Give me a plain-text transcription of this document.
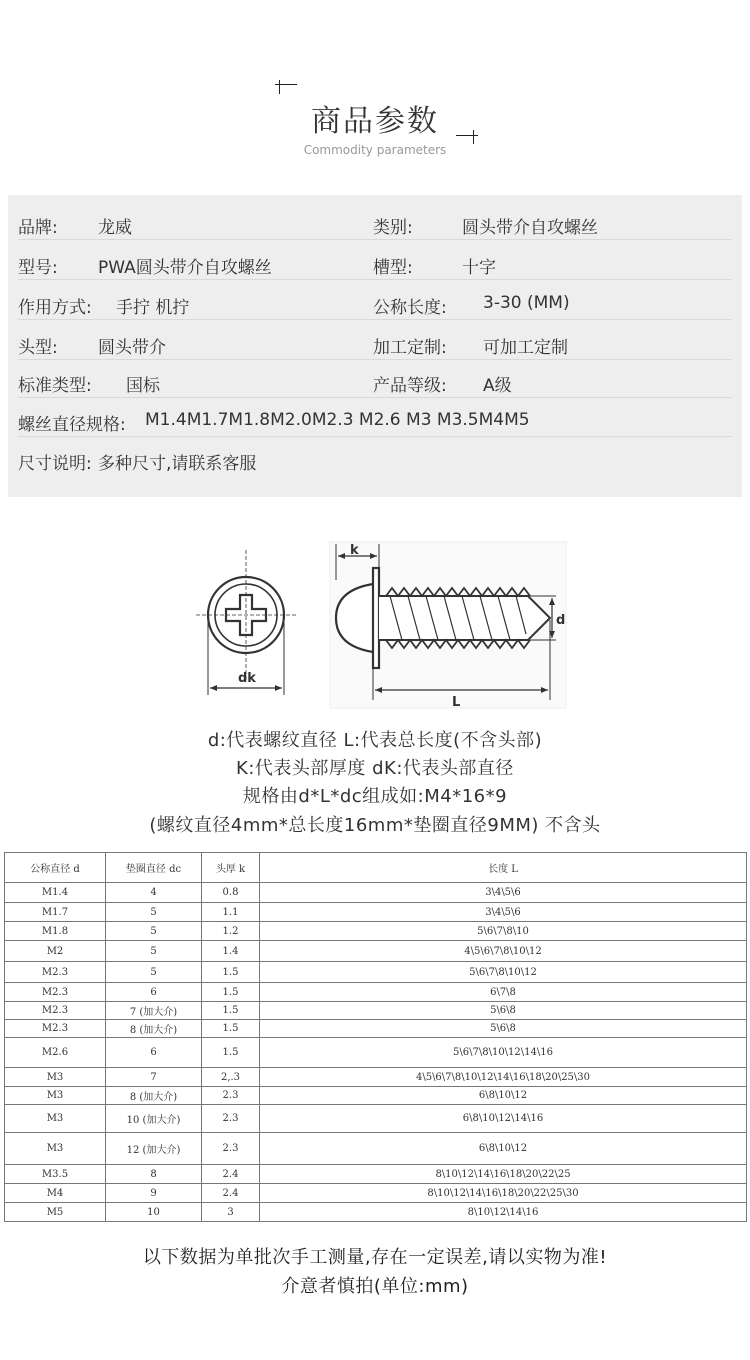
商品参数
Commodity parameters
品牌: 龙威	类别:	圆头带介自攻螺丝
型号: PWA圆头带介自攻螺丝	槽型:	十字
作用方式: 手拧 机拧	公称长度: 3-30 (MM)
头型: 圆头带介	加工定制: 可加工定制
标准类型: 国标	产品等级: A级
螺丝直径规格: M1.4M1.7M1.8M2.0M2.3 M2.6 M3 M3.5M4M5
尺寸说明: 多种尺寸,请联系客服
dk
k
d
L
d:代表螺纹直径 L:代表总长度(不含头部)
K:代表头部厚度 dK:代表头部直径
规格由d*L*dc组成如:M4*16*9
(螺纹直径4mm*总长度16mm*垫圈直径9MM) 不含头
公称直径 d	垫圈直径 dc	头厚 k	长度 L
M1.4	4	0.8	3\4\5\6
M1.7	5	1.1	3\4\5\6
M1.8	5	1.2	5\6\7\8\10
M2	5	1.4	4\5\6\7\8\10\12
M2.3	5	1.5	5\6\7\8\10\12
M2.3	6	1.5	6\7\8
M2.3	7 (加大介)	1.5	5\6\8
M2.3	8 (加大介)	1.5	5\6\8
M2.6	6	1.5	5\6\7\8\10\12\14\16
M3	7	2,.3	4\5\6\7\8\10\12\14\16\18\20\25\30
M3	8 (加大介)	2.3	6\8\10\12
M3	10 (加大介)	2.3	6\8\10\12\14\16
M3	12 (加大介)	2.3	6\8\10\12
M3.5	8	2.4	8\10\12\14\16\18\20\22\25
M4	9	2.4	8\10\12\14\16\18\20\22\25\30
M5	10	3	8\10\12\14\16
以下数据为单批次手工测量,存在一定误差,请以实物为准!
介意者慎拍(单位:mm)
